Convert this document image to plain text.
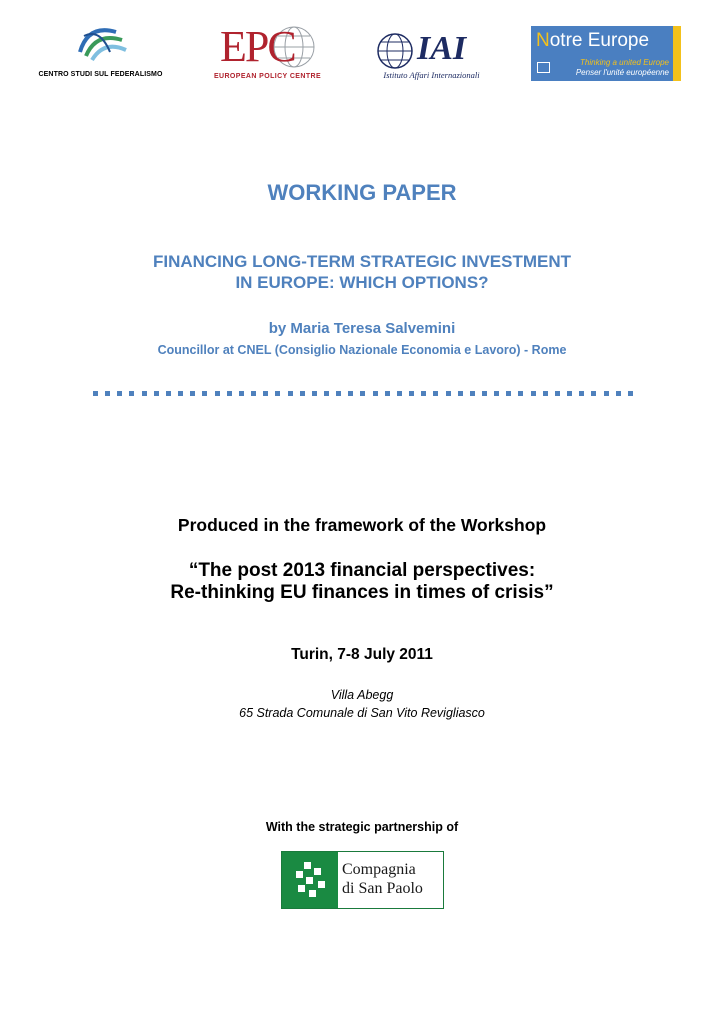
CENTRO STUDI SUL FEDERALISMO
EPC
EUROPEAN POLICY CENTRE
IAI
Istituto Affari Internazionali
Notre Europe
Thinking a united Europe
Penser l'unité européenne
WORKING PAPER
FINANCING LONG-TERM STRATEGIC INVESTMENT
IN EUROPE: WHICH OPTIONS?
by Maria Teresa Salvemini
Councillor at CNEL (Consiglio Nazionale Economia e Lavoro) - Rome
Produced in the framework of the Workshop
“The post 2013 financial perspectives:
Re-thinking EU finances in times of crisis”
Turin, 7-8 July 2011
Villa Abegg
65 Strada Comunale di San Vito Revigliasco
With the strategic partnership of
Compagnia
di San Paolo
